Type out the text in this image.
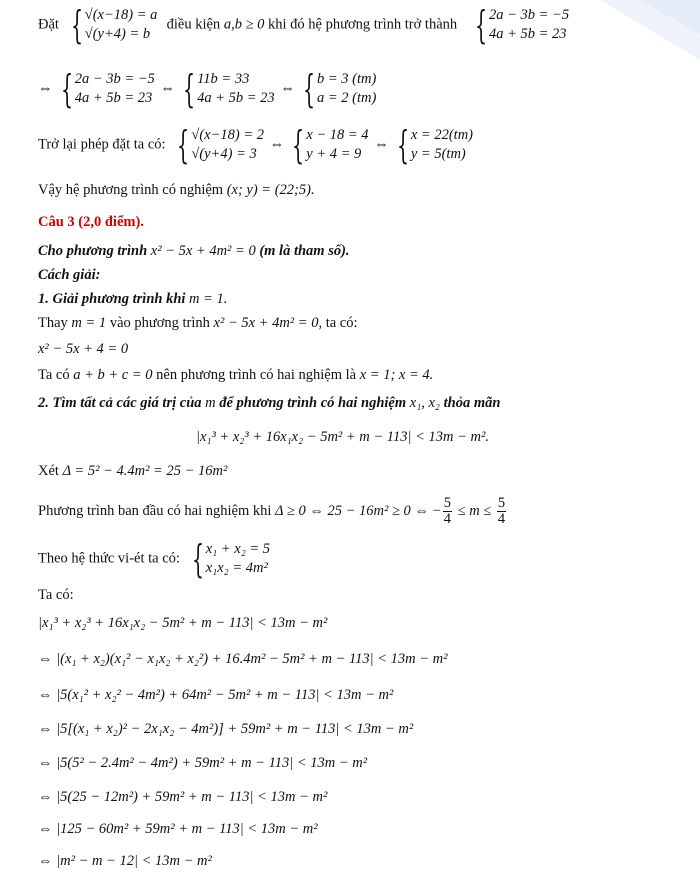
Đặt { √(x−18) = a
√(y+4) = b
điều kiện a,b ≥ 0 khi đó hệ phương trình trở thành { 2a − 3b = −5
4a + 5b = 23
⇔ { 2a − 3b = −5
4a + 5b = 23
⇔ { 11b = 33
4a + 5b = 23
⇔ { b = 3 (tm)
a = 2 (tm)
Trở lại phép đặt ta có: { √(x−18) = 2
√(y+4) = 3
⇔ { x − 18 = 4
y + 4 = 9
⇔ { x = 22(tm)
y = 5(tm)
Vậy hệ phương trình có nghiệm (x; y) = (22;5).
Câu 3 (2,0 điểm).
Cho phương trình x² − 5x + 4m² = 0 (m là tham số).
Cách giải:
1. Giải phương trình khi m = 1.
Thay m = 1 vào phương trình x² − 5x + 4m² = 0, ta có:
x² − 5x + 4 = 0
Ta có a + b + c = 0 nên phương trình có hai nghiệm là x = 1; x = 4.
2. Tìm tất cả các giá trị của m để phương trình có hai nghiệm x₁, x₂ thỏa mãn
|x₁³ + x₂³ + 16x₁x₂ − 5m² + m − 113| < 13m − m².
Xét Δ = 5² − 4.4m² = 25 − 16m²
Phương trình ban đầu có hai nghiệm khi Δ ≥ 0 ⇔ 25 − 16m² ≥ 0 ⇔ − $\frac{5}{4} \le m \le \frac{5}{4}$
Theo hệ thức vi-ét ta có: { x₁ + x₂ = 5
x₁x₂ = 4m²
Ta có:
|x₁³ + x₂³ + 16x₁x₂ − 5m² + m − 113| < 13m − m²
⇔ |(x₁ + x₂)(x₁² − x₁x₂ + x₂²) + 16.4m² − 5m² + m − 113| < 13m − m²
⇔ |5(x₁² + x₂² − 4m²) + 64m² − 5m² + m − 113| < 13m − m²
⇔ |5[(x₁ + x₂)² − 2x₁x₂ − 4m²)] + 59m² + m − 113| < 13m − m²
⇔ |5(5² − 2.4m² − 4m²) + 59m² + m − 113| < 13m − m²
⇔ |5(25 − 12m²) + 59m² + m − 113| < 13m − m²
⇔ |125 − 60m² + 59m² + m − 113| < 13m − m²
⇔ |m² − m − 12| < 13m − m²
